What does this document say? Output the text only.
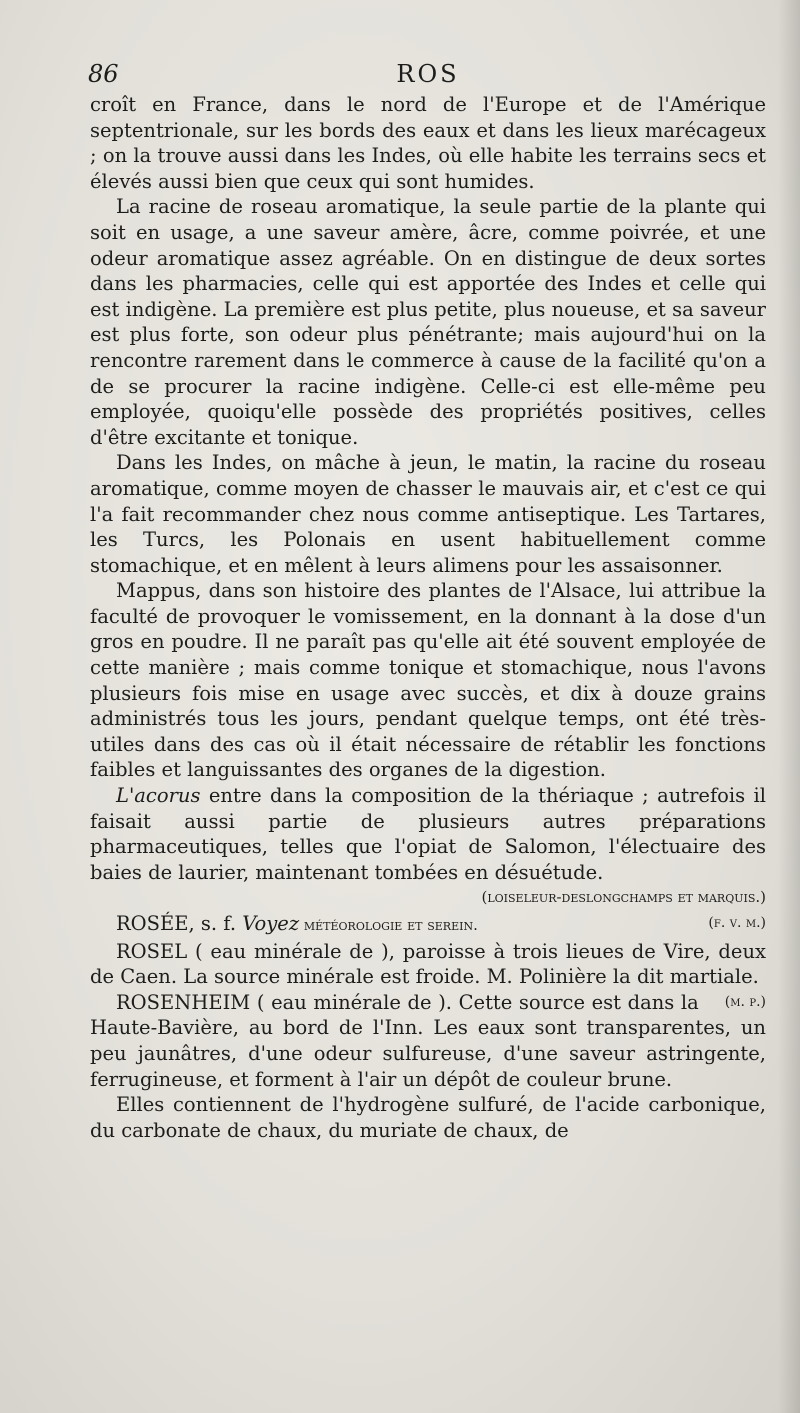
86	ROS

croît en France, dans le nord de l'Europe et de l'Amérique septentrionale, sur les bords des eaux et dans les lieux marécageux ; on la trouve aussi dans les Indes, où elle habite les terrains secs et élevés aussi bien que ceux qui sont humides.

La racine de roseau aromatique, la seule partie de la plante qui soit en usage, a une saveur amère, âcre, comme poivrée, et une odeur aromatique assez agréable. On en distingue de deux sortes dans les pharmacies, celle qui est apportée des Indes et celle qui est indigène. La première est plus petite, plus noueuse, et sa saveur est plus forte, son odeur plus pénétrante; mais aujourd'hui on la rencontre rarement dans le commerce à cause de la facilité qu'on a de se procurer la racine indigène. Celle-ci est elle-même peu employée, quoiqu'elle possède des propriétés positives, celles d'être excitante et tonique.

Dans les Indes, on mâche à jeun, le matin, la racine du roseau aromatique, comme moyen de chasser le mauvais air, et c'est ce qui l'a fait recommander chez nous comme antiseptique. Les Tartares, les Turcs, les Polonais en usent habituellement comme stomachique, et en mêlent à leurs alimens pour les assaisonner.

Mappus, dans son histoire des plantes de l'Alsace, lui attribue la faculté de provoquer le vomissement, en la donnant à la dose d'un gros en poudre. Il ne paraît pas qu'elle ait été souvent employée de cette manière ; mais comme tonique et stomachique, nous l'avons plusieurs fois mise en usage avec succès, et dix à douze grains administrés tous les jours, pendant quelque temps, ont été très-utiles dans des cas où il était nécessaire de rétablir les fonctions faibles et languissantes des organes de la digestion.

L'acorus entre dans la composition de la thériaque ; autrefois il faisait aussi partie de plusieurs autres préparations pharmaceutiques, telles que l'opiat de Salomon, l'électuaire des baies de laurier, maintenant tombées en désuétude.

(loiseleur-deslongchamps et marquis.)

ROSÉE, s. f. Voyez météorologie et serein.	(f. v. m.)

ROSEL ( eau minérale de ), paroisse à trois lieues de Vire, deux de Caen. La source minérale est froide. M. Polinière la dit martiale.
(m. p.)

ROSENHEIM ( eau minérale de ). Cette source est dans la Haute-Bavière, au bord de l'Inn. Les eaux sont transparentes, un peu jaunâtres, d'une odeur sulfureuse, d'une saveur astringente, ferrugineuse, et forment à l'air un dépôt de couleur brune.

Elles contiennent de l'hydrogène sulfuré, de l'acide carbonique, du carbonate de chaux, du muriate de chaux, de
